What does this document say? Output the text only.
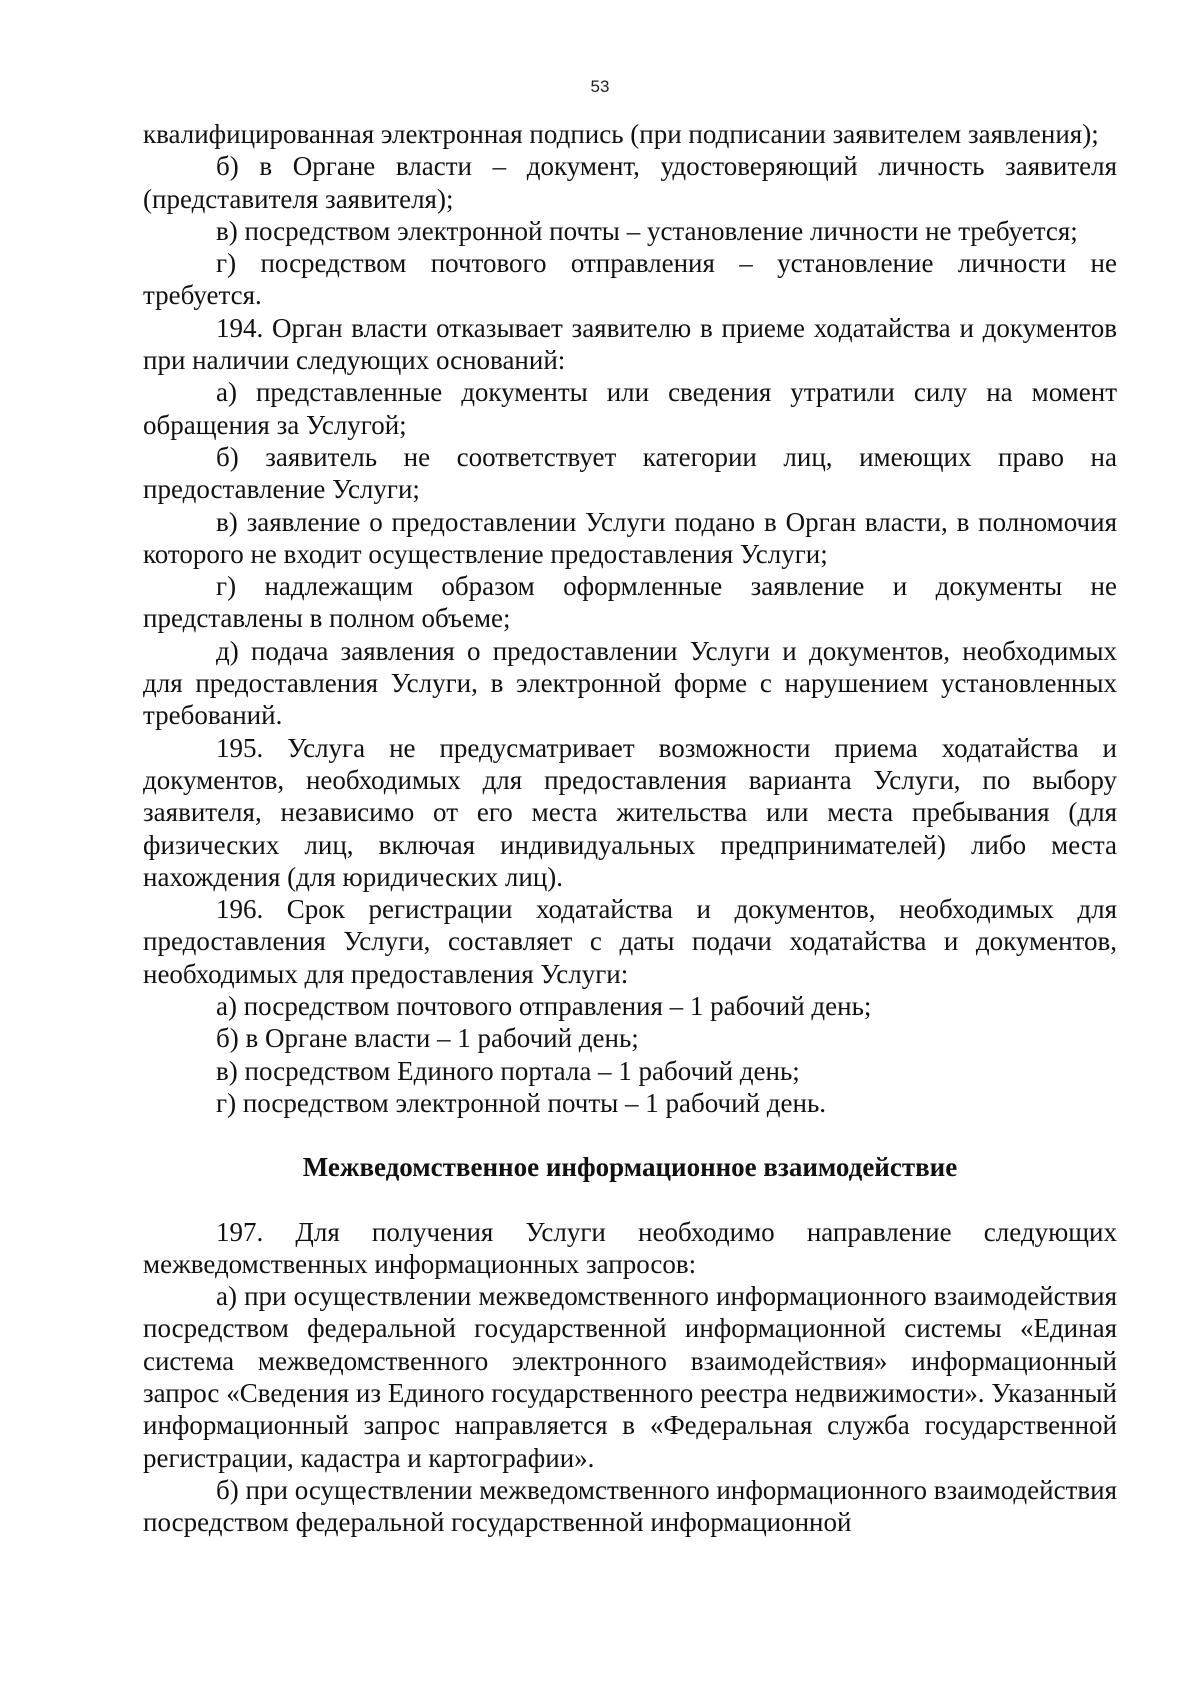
53

квалифицированная электронная подпись (при подписании заявителем заявления);

б) в Органе власти – документ, удостоверяющий личность заявителя (представителя заявителя);

в) посредством электронной почты – установление личности не требуется;

г) посредством почтового отправления – установление личности не требуется.

194. Орган власти отказывает заявителю в приеме ходатайства и документов при наличии следующих оснований:

а) представленные документы или сведения утратили силу на момент обращения за Услугой;

б) заявитель не соответствует категории лиц, имеющих право на предоставление Услуги;

в) заявление о предоставлении Услуги подано в Орган власти, в полномочия которого не входит осуществление предоставления Услуги;

г) надлежащим образом оформленные заявление и документы не представлены в полном объеме;

д) подача заявления о предоставлении Услуги и документов, необходимых для предоставления Услуги, в электронной форме с нарушением установленных требований.

195. Услуга не предусматривает возможности приема ходатайства и документов, необходимых для предоставления варианта Услуги, по выбору заявителя, независимо от его места жительства или места пребывания (для физических лиц, включая индивидуальных предпринимателей) либо места нахождения (для юридических лиц).

196. Срок регистрации ходатайства и документов, необходимых для предоставления Услуги, составляет с даты подачи ходатайства и документов, необходимых для предоставления Услуги:

а) посредством почтового отправления – 1 рабочий день;

б) в Органе власти – 1 рабочий день;

в) посредством Единого портала – 1 рабочий день;

г) посредством электронной почты – 1 рабочий день.

Межведомственное информационное взаимодействие

197. Для получения Услуги необходимо направление следующих межведомственных информационных запросов:

а) при осуществлении межведомственного информационного взаимодействия посредством федеральной государственной информационной системы «Единая система межведомственного электронного взаимодействия» информационный запрос «Сведения из Единого государственного реестра недвижимости». Указанный информационный запрос направляется в «Федеральная служба государственной регистрации, кадастра и картографии».

б) при осуществлении межведомственного информационного взаимодействия посредством федеральной государственной информационной
